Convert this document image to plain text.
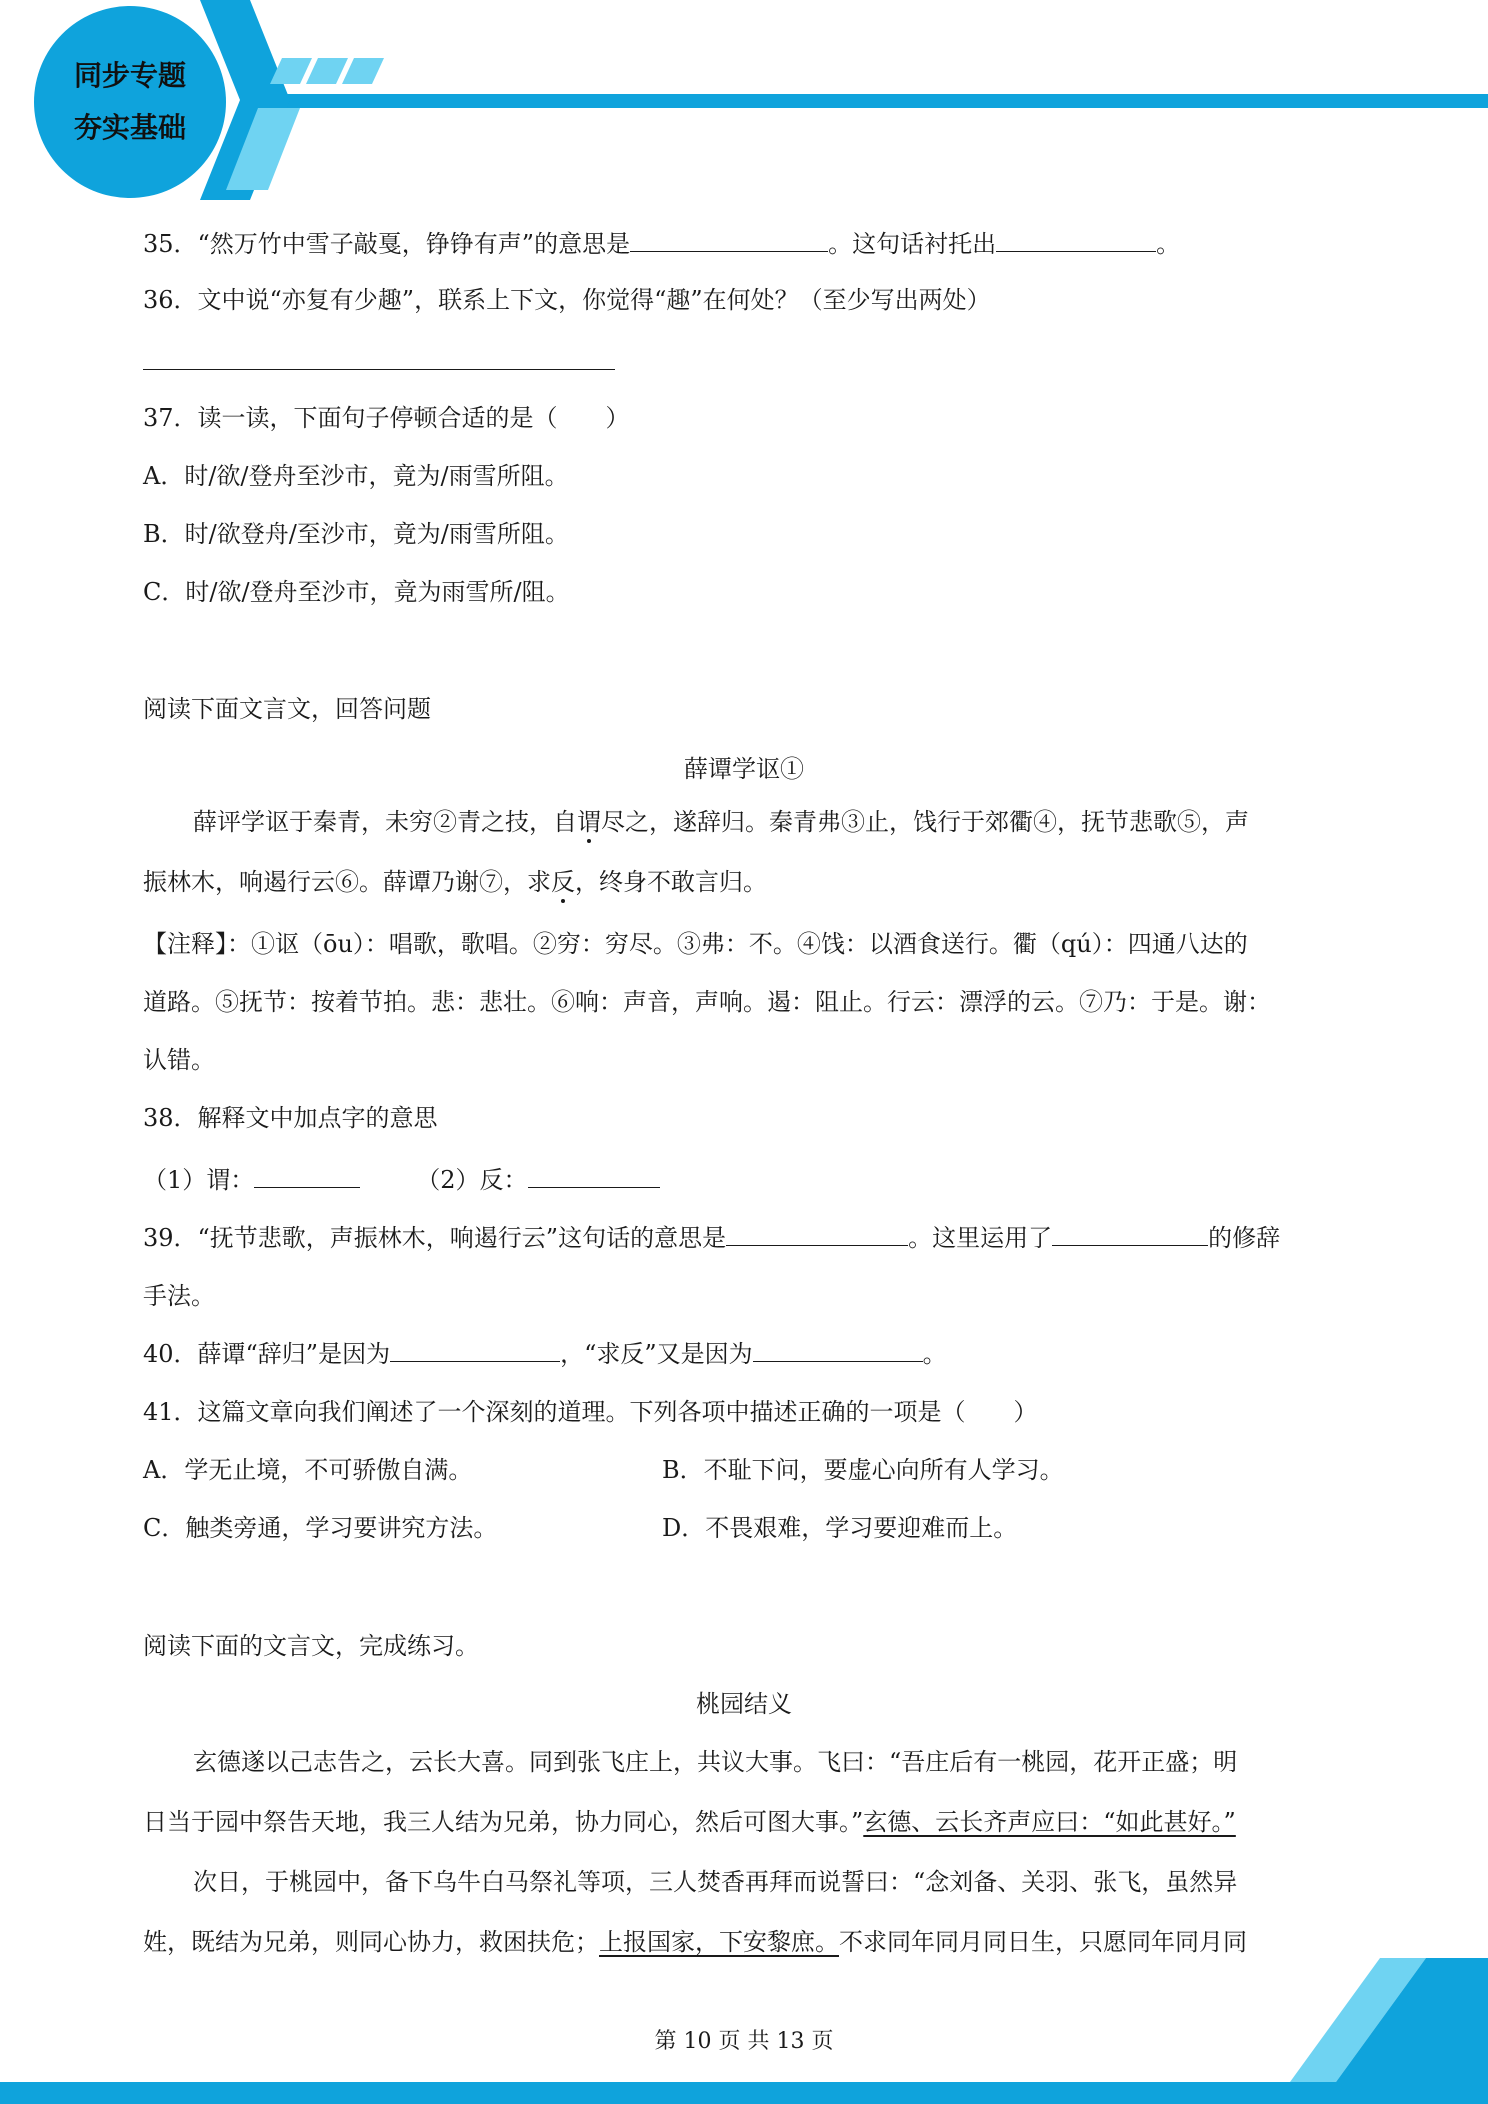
同步专题
夯实基础
35．“然万竹中雪子敲戛，铮铮有声”的意思是	。这句话衬托出	。
36．文中说“亦复有少趣”，联系上下文，你觉得“趣”在何处？（至少写出两处）
37．读一读，下面句子停顿合适的是（　　）
A．时/欲/登舟至沙市，竟为/雨雪所阻。
B．时/欲登舟/至沙市，竟为/雨雪所阻。
C．时/欲/登舟至沙市，竟为雨雪所/阻。
阅读下面文言文，回答问题
薛谭学讴①
薛评学讴于秦青，未穷②青之技，自谓尽之，遂辞归。秦青弗③止，饯行于郊衢④，抚节悲歌⑤，声
振林木，响遏行云⑥。薛谭乃谢⑦，求反，终身不敢言归。
【注释】：①讴（ōu）：唱歌，歌唱。②穷：穷尽。③弗：不。④饯：以酒食送行。衢（qú）：四通八达的
道路。⑤抚节：按着节拍。悲：悲壮。⑥响：声音，声响。遏：阻止。行云：漂浮的云。⑦乃：于是。谢：
认错。
38．解释文中加点字的意思
（1）谓：	（2）反：
39．“抚节悲歌，声振林木，响遏行云”这句话的意思是	。这里运用了	的修辞
手法。
40．薛谭“辞归”是因为	，“求反”又是因为	。
41．这篇文章向我们阐述了一个深刻的道理。下列各项中描述正确的一项是（　　）
A．学无止境，不可骄傲自满。	B．不耻下问，要虚心向所有人学习。
C．触类旁通，学习要讲究方法。	D．不畏艰难，学习要迎难而上。
阅读下面的文言文，完成练习。
桃园结义
玄德遂以己志告之，云长大喜。同到张飞庄上，共议大事。飞曰：“吾庄后有一桃园，花开正盛；明
日当于园中祭告天地，我三人结为兄弟，协力同心，然后可图大事。”玄德、云长齐声应曰：“如此甚好。”
次日，于桃园中，备下乌牛白马祭礼等项，三人焚香再拜而说誓曰：“念刘备、关羽、张飞，虽然异
姓，既结为兄弟，则同心协力，救困扶危；上报国家，下安黎庶。不求同年同月同日生，只愿同年同月同
第 10 页 共 13 页
